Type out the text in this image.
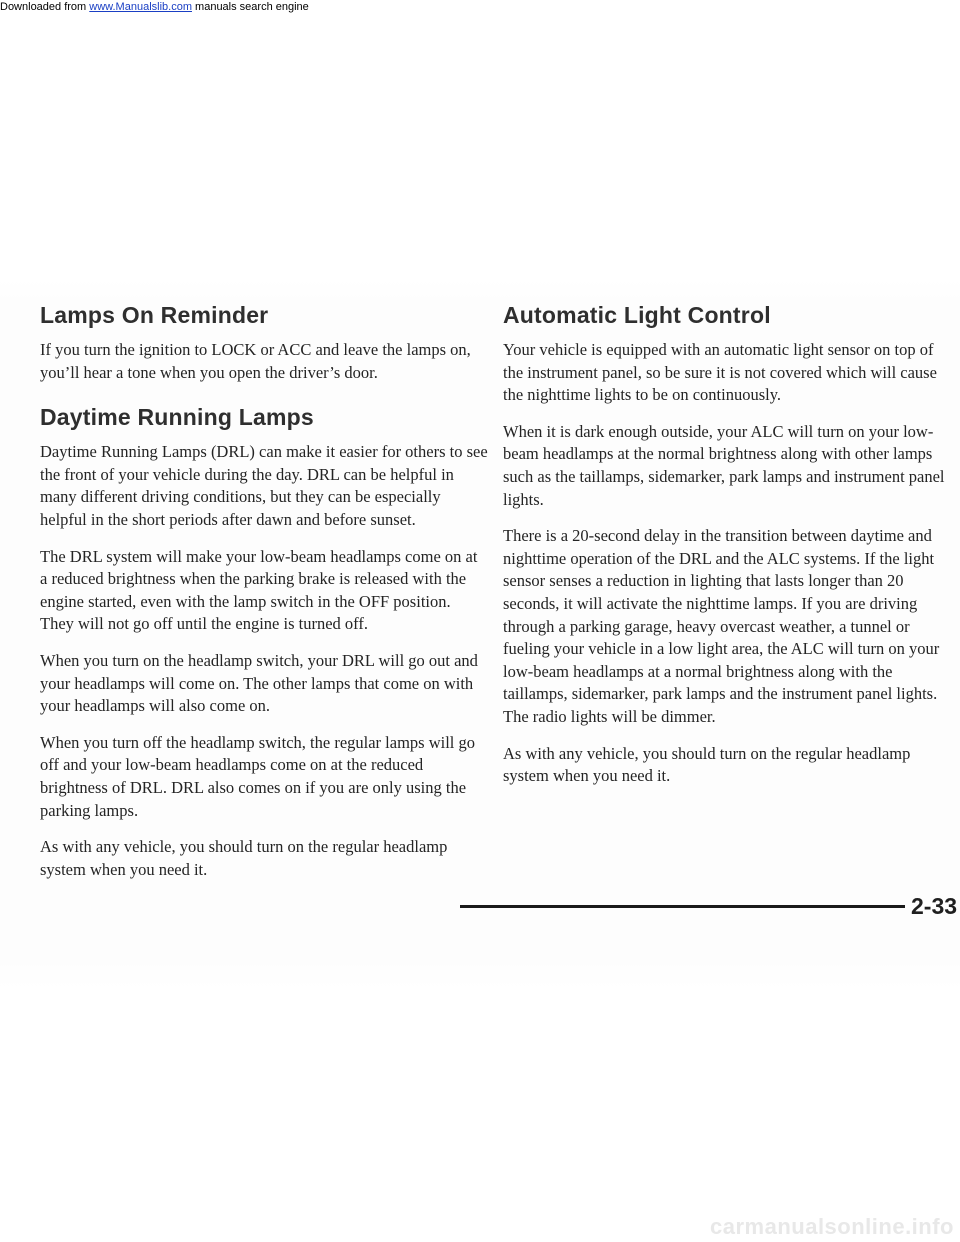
Downloaded from www.Manualslib.com manuals search engine
Lamps On Reminder

If you turn the ignition to LOCK or ACC and leave the lamps on, you’ll hear a tone when you open the driver’s door.

Daytime Running Lamps

Daytime Running Lamps (DRL) can make it easier for others to see the front of your vehicle during the day. DRL can be helpful in many different driving conditions, but they can be especially helpful in the short periods after dawn and before sunset.

The DRL system will make your low-beam headlamps come on at a reduced brightness when the parking brake is released with the engine started, even with the lamp switch in the OFF position. They will not go off until the engine is turned off.

When you turn on the headlamp switch, your DRL will go out and your headlamps will come on. The other lamps that come on with your headlamps will also come on.

When you turn off the headlamp switch, the regular lamps will go off and your low-beam headlamps come on at the reduced brightness of DRL. DRL also comes on if you are only using the parking lamps.

As with any vehicle, you should turn on the regular headlamp system when you need it.

Automatic Light Control

Your vehicle is equipped with an automatic light sensor on top of the instrument panel, so be sure it is not covered which will cause the nighttime lights to be on continuously.

When it is dark enough outside, your ALC will turn on your low-beam headlamps at the normal brightness along with other lamps such as the taillamps, sidemarker, park lamps and instrument panel lights.

There is a 20-second delay in the transition between daytime and nighttime operation of the DRL and the ALC systems. If the light sensor senses a reduction in lighting that lasts longer than 20 seconds, it will activate the nighttime lamps. If you are driving through a parking garage, heavy overcast weather, a tunnel or fueling your vehicle in a low light area, the ALC will turn on your low-beam headlamps at a normal brightness along with the taillamps, sidemarker, park lamps and the instrument panel lights. The radio lights will be dimmer.

As with any vehicle, you should turn on the regular headlamp system when you need it.

2-33
carmanualsonline.info
